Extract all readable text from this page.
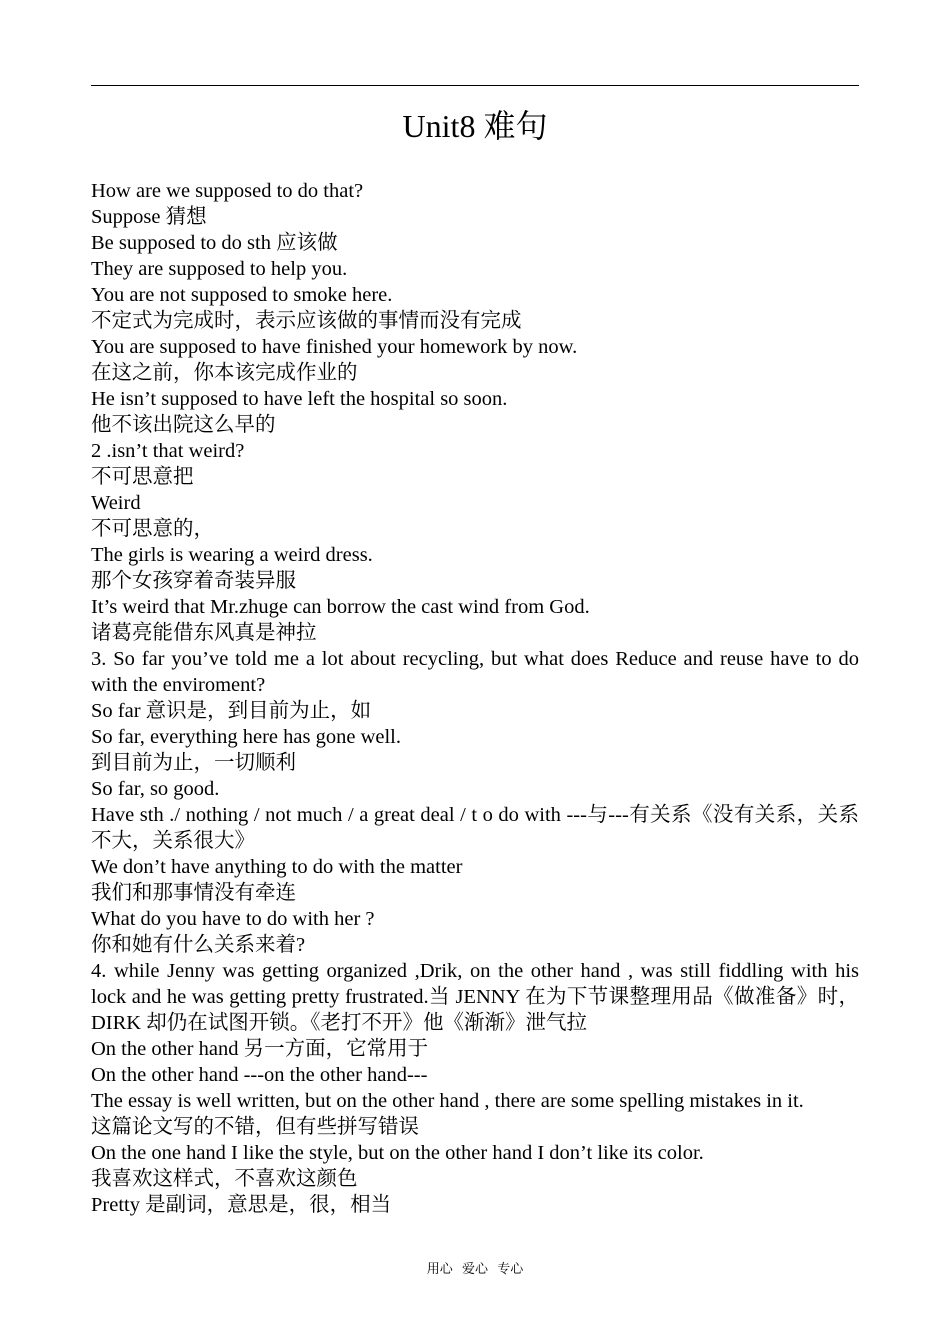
Unit8 难句

How are we supposed to do that?

Suppose 猜想

Be supposed to do sth 应该做

They are supposed to help you.

You are not supposed to smoke here.

不定式为完成时，表示应该做的事情而没有完成

You are supposed to have finished your homework by now.

在这之前，你本该完成作业的

He isn’t supposed to have left the hospital so soon.

他不该出院这么早的

2 .isn’t that weird?

不可思意把

Weird

不可思意的，

The girls is wearing a weird dress.

那个女孩穿着奇装异服

It’s weird that Mr.zhuge can borrow the cast wind from God.

诸葛亮能借东风真是神拉

3. So far you’ve told me a lot about recycling, but what does Reduce and reuse have to do with the enviroment?

So far 意识是，到目前为止，如

So far, everything here has gone well.

到目前为止，一切顺利

So far, so good.

Have sth ./ nothing / not much / a great deal / t o do with ---与---有关系《没有关系，关系不大，关系很大》

We don’t have anything to do with the matter

我们和那事情没有牵连

What do you have to do with her ?

你和她有什么关系来着?

4. while Jenny was getting organized ,Drik, on the other hand , was still fiddling with his lock and he was getting pretty frustrated.当 JENNY 在为下节课整理用品《做准备》时，DIRK 却仍在试图开锁。《老打不开》他《渐渐》泄气拉

On the other hand 另一方面，它常用于

On the other hand ---on the other hand---

The essay is well written, but on the other hand , there are some spelling mistakes in it.

这篇论文写的不错，但有些拼写错误

On the one hand I like the style, but on the other hand I don’t like its color.

我喜欢这样式，不喜欢这颜色

Pretty 是副词，意思是，很，相当

用心 爱心 专心
